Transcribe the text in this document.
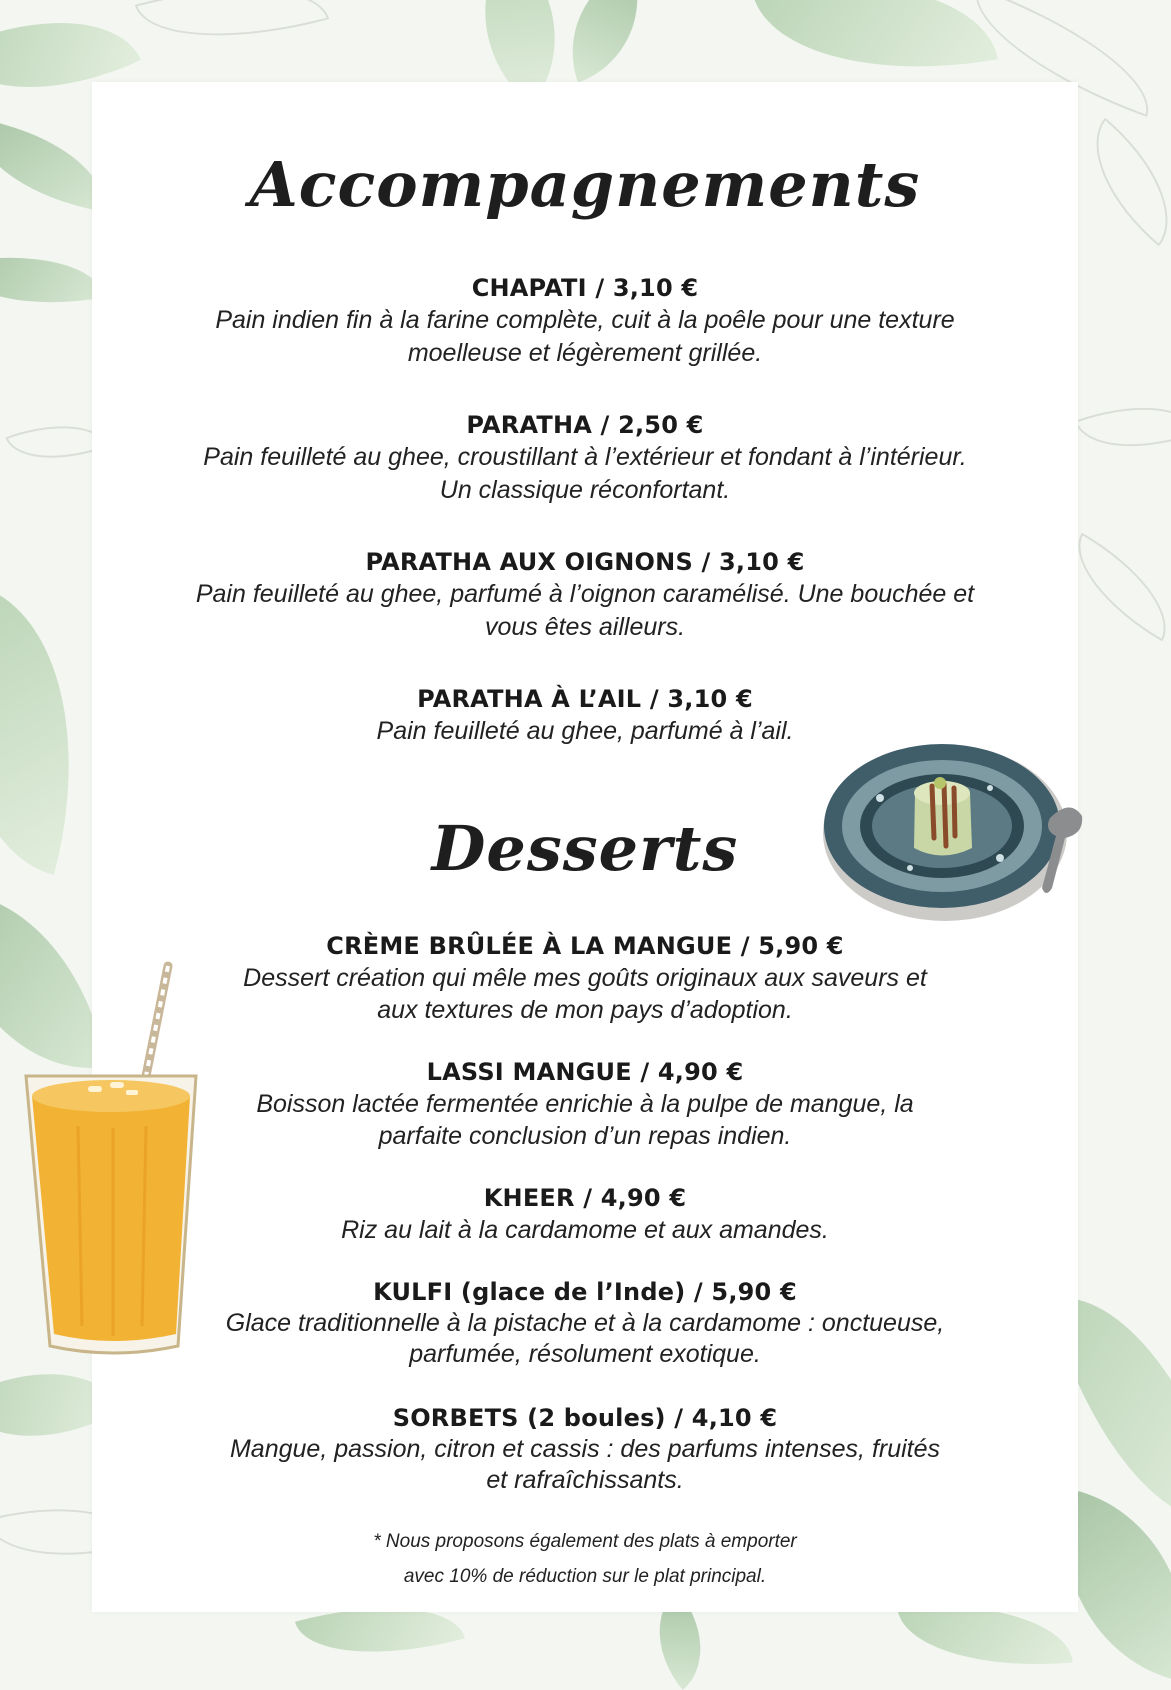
Accompagnements
CHAPATI / 3,10 €
Pain indien fin à la farine complète, cuit à la poêle pour une texture
moelleuse et légèrement grillée.
PARATHA / 2,50 €
Pain feuilleté au ghee, croustillant à l’extérieur et fondant à l’intérieur.
Un classique réconfortant.
PARATHA AUX OIGNONS / 3,10 €
Pain feuilleté au ghee, parfumé à l’oignon caramélisé. Une bouchée et
vous êtes ailleurs.
PARATHA À L’AIL / 3,10 €
Pain feuilleté au ghee, parfumé à l’ail.
Desserts
CRÈME BRÛLÉE À LA MANGUE / 5,90 €
Dessert création qui mêle mes goûts originaux aux saveurs et
aux textures de mon pays d’adoption.
LASSI MANGUE / 4,90 €
Boisson lactée fermentée enrichie à la pulpe de mangue, la
parfaite conclusion d’un repas indien.
KHEER / 4,90 €
Riz au lait à la cardamome et aux amandes.
KULFI (glace de l’Inde) / 5,90 €
Glace traditionnelle à la pistache et à la cardamome : onctueuse,
parfumée, résolument exotique.
SORBETS (2 boules) / 4,10 €
Mangue, passion, citron et cassis : des parfums intenses, fruités
et rafraîchissants.
* Nous proposons également des plats à emporter
avec 10% de réduction sur le plat principal.
